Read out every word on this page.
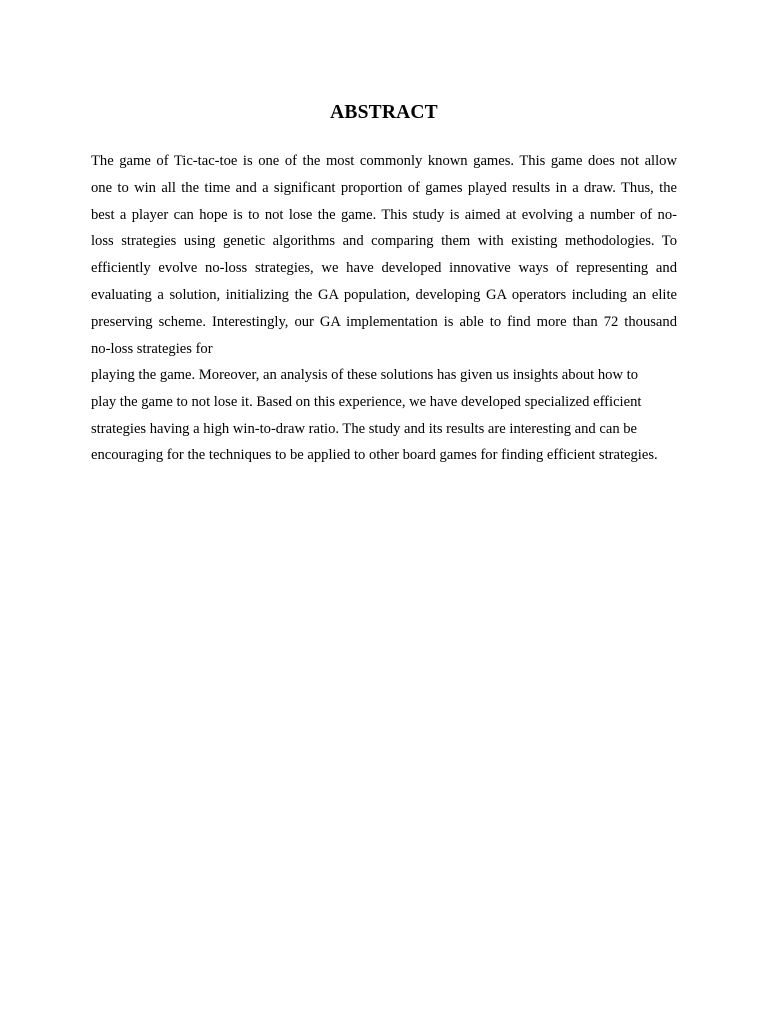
ABSTRACT

The game of Tic-tac-toe is one of the most commonly known games. This game does not allow
one to win all the time and a significant proportion of games played results in a draw. Thus, the
best a player can hope is to not lose the game. This study is aimed at evolving a number of no-
loss strategies using genetic algorithms and comparing them with existing methodologies. To
efficiently evolve no-loss strategies, we have developed innovative ways of representing and
evaluating a solution, initializing the GA population, developing GA operators including an elite
preserving scheme. Interestingly, our GA implementation is able to find more than 72 thousand
no-loss strategies for

playing the game. Moreover, an analysis of these solutions has given us insights about how to
play the game to not lose it. Based on this experience, we have developed specialized efficient
strategies having a high win-to-draw ratio. The study and its results are interesting and can be
encouraging for the techniques to be applied to other board games for finding efficient strategies.
